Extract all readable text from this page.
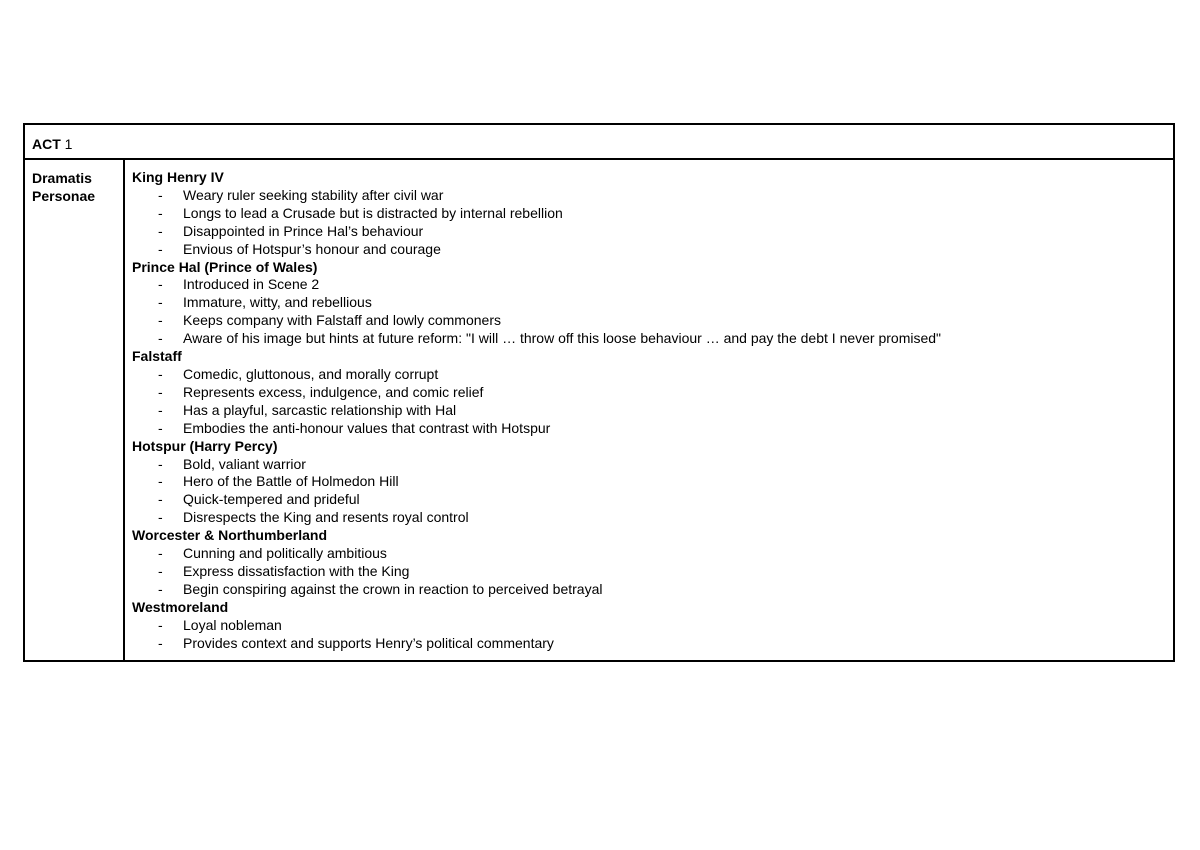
ACT 1
Dramatis
Personae
King Henry IV
- Weary ruler seeking stability after civil war
- Longs to lead a Crusade but is distracted by internal rebellion
- Disappointed in Prince Hal’s behaviour
- Envious of Hotspur’s honour and courage
Prince Hal (Prince of Wales)
- Introduced in Scene 2
- Immature, witty, and rebellious
- Keeps company with Falstaff and lowly commoners
- Aware of his image but hints at future reform: "I will … throw off this loose behaviour … and pay the debt I never promised"
Falstaff
- Comedic, gluttonous, and morally corrupt
- Represents excess, indulgence, and comic relief
- Has a playful, sarcastic relationship with Hal
- Embodies the anti-honour values that contrast with Hotspur
Hotspur (Harry Percy)
- Bold, valiant warrior
- Hero of the Battle of Holmedon Hill
- Quick-tempered and prideful
- Disrespects the King and resents royal control
Worcester & Northumberland
- Cunning and politically ambitious
- Express dissatisfaction with the King
- Begin conspiring against the crown in reaction to perceived betrayal
Westmoreland
- Loyal nobleman
- Provides context and supports Henry’s political commentary
